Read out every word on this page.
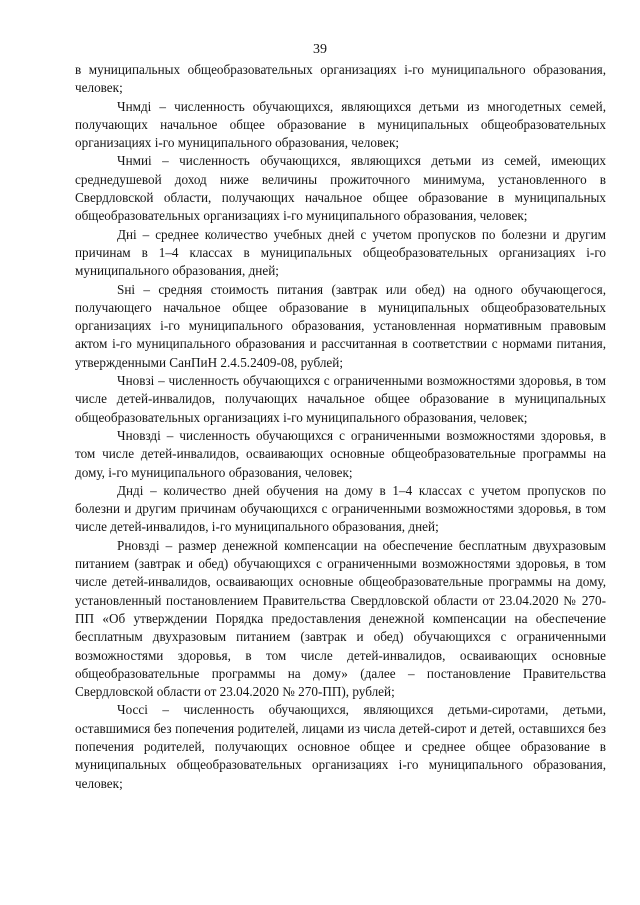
39

в муниципальных общеобразовательных организациях i-го муниципального образования, человек;

Чнмді – численность обучающихся, являющихся детьми из многодетных семей, получающих начальное общее образование в муниципальных общеобразовательных организациях i-го муниципального образования, человек;

Чнмиі – численность обучающихся, являющихся детьми из семей, имеющих среднедушевой доход ниже величины прожиточного минимума, установленного в Свердловской области, получающих начальное общее образование в муниципальных общеобразовательных организациях i-го муниципального образования, человек;

Дні – среднее количество учебных дней с учетом пропусков по болезни и другим причинам в 1–4 классах в муниципальных общеобразовательных организациях i-го муниципального образования, дней;

Sні – средняя стоимость питания (завтрак или обед) на одного обучающегося, получающего начальное общее образование в муниципальных общеобразовательных организациях i-го муниципального образования, установленная нормативным правовым актом i-го муниципального образования и рассчитанная в соответствии с нормами питания, утвержденными СанПиН 2.4.5.2409-08, рублей;

Чновзі – численность обучающихся с ограниченными возможностями здоровья, в том числе детей-инвалидов, получающих начальное общее образование в муниципальных общеобразовательных организациях i-го муниципального образования, человек;

Чновздi – численность обучающихся с ограниченными возможностями здоровья, в том числе детей-инвалидов, осваивающих основные общеобразовательные программы на дому, i-го муниципального образования, человек;

Днді – количество дней обучения на дому в 1–4 классах с учетом пропусков по болезни и другим причинам обучающихся с ограниченными возможностями здоровья, в том числе детей-инвалидов, i-го муниципального образования, дней;

Рновздi – размер денежной компенсации на обеспечение бесплатным двухразовым питанием (завтрак и обед) обучающихся с ограниченными возможностями здоровья, в том числе детей-инвалидов, осваивающих основные общеобразовательные программы на дому, установленный постановлением Правительства Свердловской области от 23.04.2020 № 270-ПП «Об утверждении Порядка предоставления денежной компенсации на обеспечение бесплатным двухразовым питанием (завтрак и обед) обучающихся с ограниченными возможностями здоровья, в том числе детей-инвалидов, осваивающих основные общеобразовательные программы на дому» (далее – постановление Правительства Свердловской области от 23.04.2020 № 270-ПП), рублей;

Чоссі – численность обучающихся, являющихся детьми-сиротами, детьми, оставшимися без попечения родителей, лицами из числа детей-сирот и детей, оставшихся без попечения родителей, получающих основное общее и среднее общее образование в муниципальных общеобразовательных организациях i-го муниципального образования, человек;
